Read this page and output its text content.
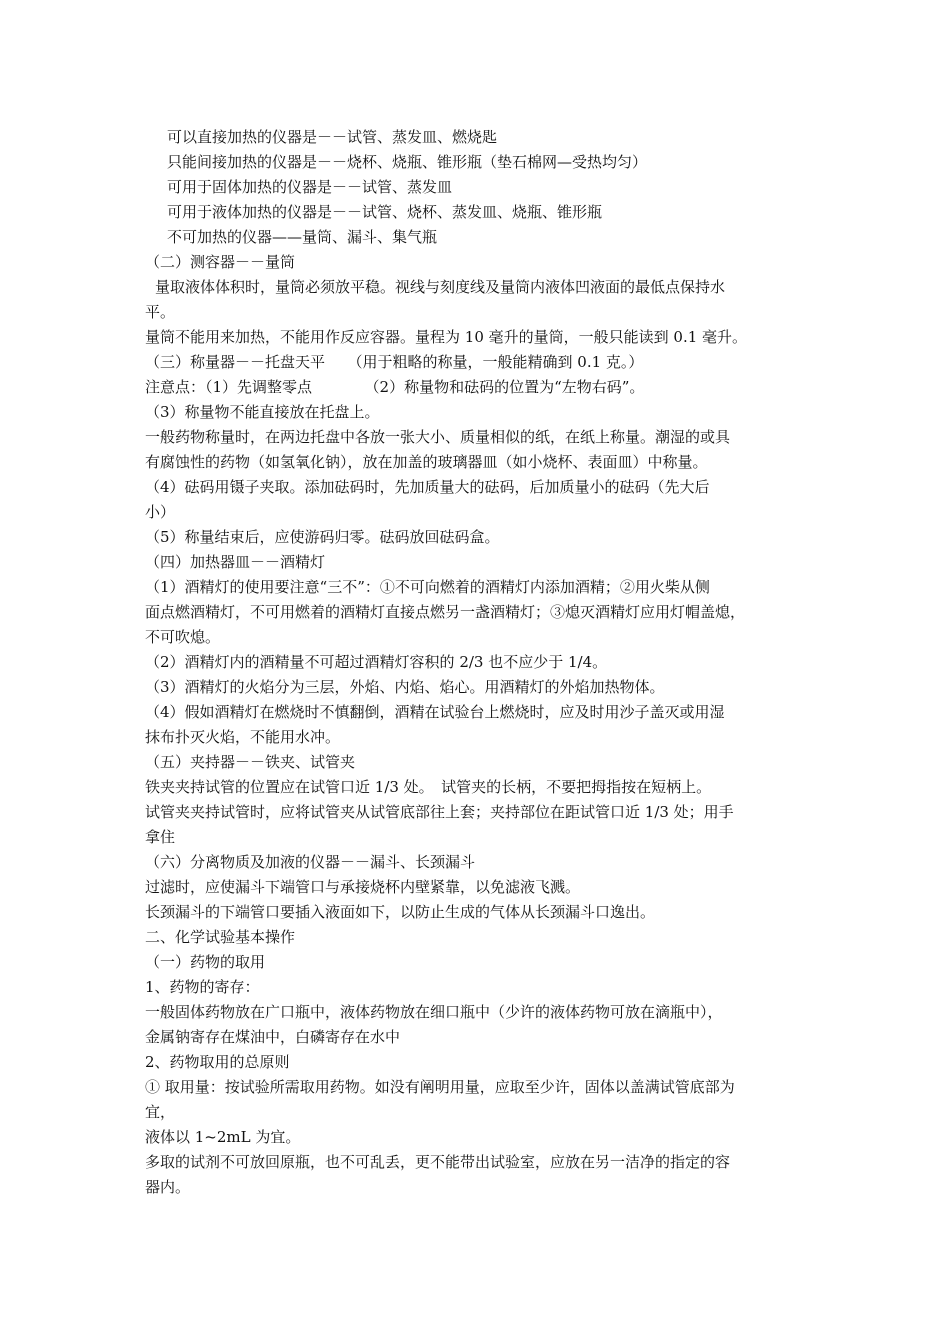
可以直接加热的仪器是－－试管、蒸发皿、燃烧匙
只能间接加热的仪器是－－烧杯、烧瓶、锥形瓶（垫石棉网—受热均匀）
可用于固体加热的仪器是－－试管、蒸发皿
可用于液体加热的仪器是－－试管、烧杯、蒸发皿、烧瓶、锥形瓶
不可加热的仪器——量筒、漏斗、集气瓶
（二）测容器－－量筒
量取液体体积时，量筒必须放平稳。视线与刻度线及量筒内液体凹液面的最低点保持水
平。
量筒不能用来加热，不能用作反应容器。量程为 10 毫升的量筒，一般只能读到 0.1 毫升。
（三）称量器－－托盘天平　　（用于粗略的称量，一般能精确到 0.1 克。）
注意点：（1）先调整零点　　　　（2）称量物和砝码的位置为“左物右码”。
（3）称量物不能直接放在托盘上。
一般药物称量时，在两边托盘中各放一张大小、质量相似的纸，在纸上称量。潮湿的或具
有腐蚀性的药物（如氢氧化钠），放在加盖的玻璃器皿（如小烧杯、表面皿）中称量。
（4）砝码用镊子夹取。添加砝码时，先加质量大的砝码，后加质量小的砝码（先大后
小）
（5）称量结束后，应使游码归零。砝码放回砝码盒。
（四）加热器皿－－酒精灯
（1）酒精灯的使用要注意“三不”：①不可向燃着的酒精灯内添加酒精；②用火柴从侧
面点燃酒精灯，不可用燃着的酒精灯直接点燃另一盏酒精灯；③熄灭酒精灯应用灯帽盖熄，
不可吹熄。
（2）酒精灯内的酒精量不可超过酒精灯容积的 2/3 也不应少于 1/4。
（3）酒精灯的火焰分为三层，外焰、内焰、焰心。用酒精灯的外焰加热物体。
（4）假如酒精灯在燃烧时不慎翻倒，酒精在试验台上燃烧时，应及时用沙子盖灭或用湿
抹布扑灭火焰，不能用水冲。
（五）夹持器－－铁夹、试管夹
铁夹夹持试管的位置应在试管口近 1/3 处。　试管夹的长柄，不要把拇指按在短柄上。
试管夹夹持试管时，应将试管夹从试管底部往上套；夹持部位在距试管口近 1/3 处；用手
拿住
（六）分离物质及加液的仪器－－漏斗、长颈漏斗
过滤时，应使漏斗下端管口与承接烧杯内壁紧靠，以免滤液飞溅。
长颈漏斗的下端管口要插入液面如下，以防止生成的气体从长颈漏斗口逸出。
二、化学试验基本操作
（一）药物的取用
1、药物的寄存：
一般固体药物放在广口瓶中，液体药物放在细口瓶中（少许的液体药物可放在滴瓶中），
金属钠寄存在煤油中，白磷寄存在水中
2、药物取用的总原则
① 取用量：按试验所需取用药物。如没有阐明用量，应取至少许，固体以盖满试管底部为
宜，
液体以 1~2mL 为宜。
多取的试剂不可放回原瓶，也不可乱丢，更不能带出试验室，应放在另一洁净的指定的容
器内。
